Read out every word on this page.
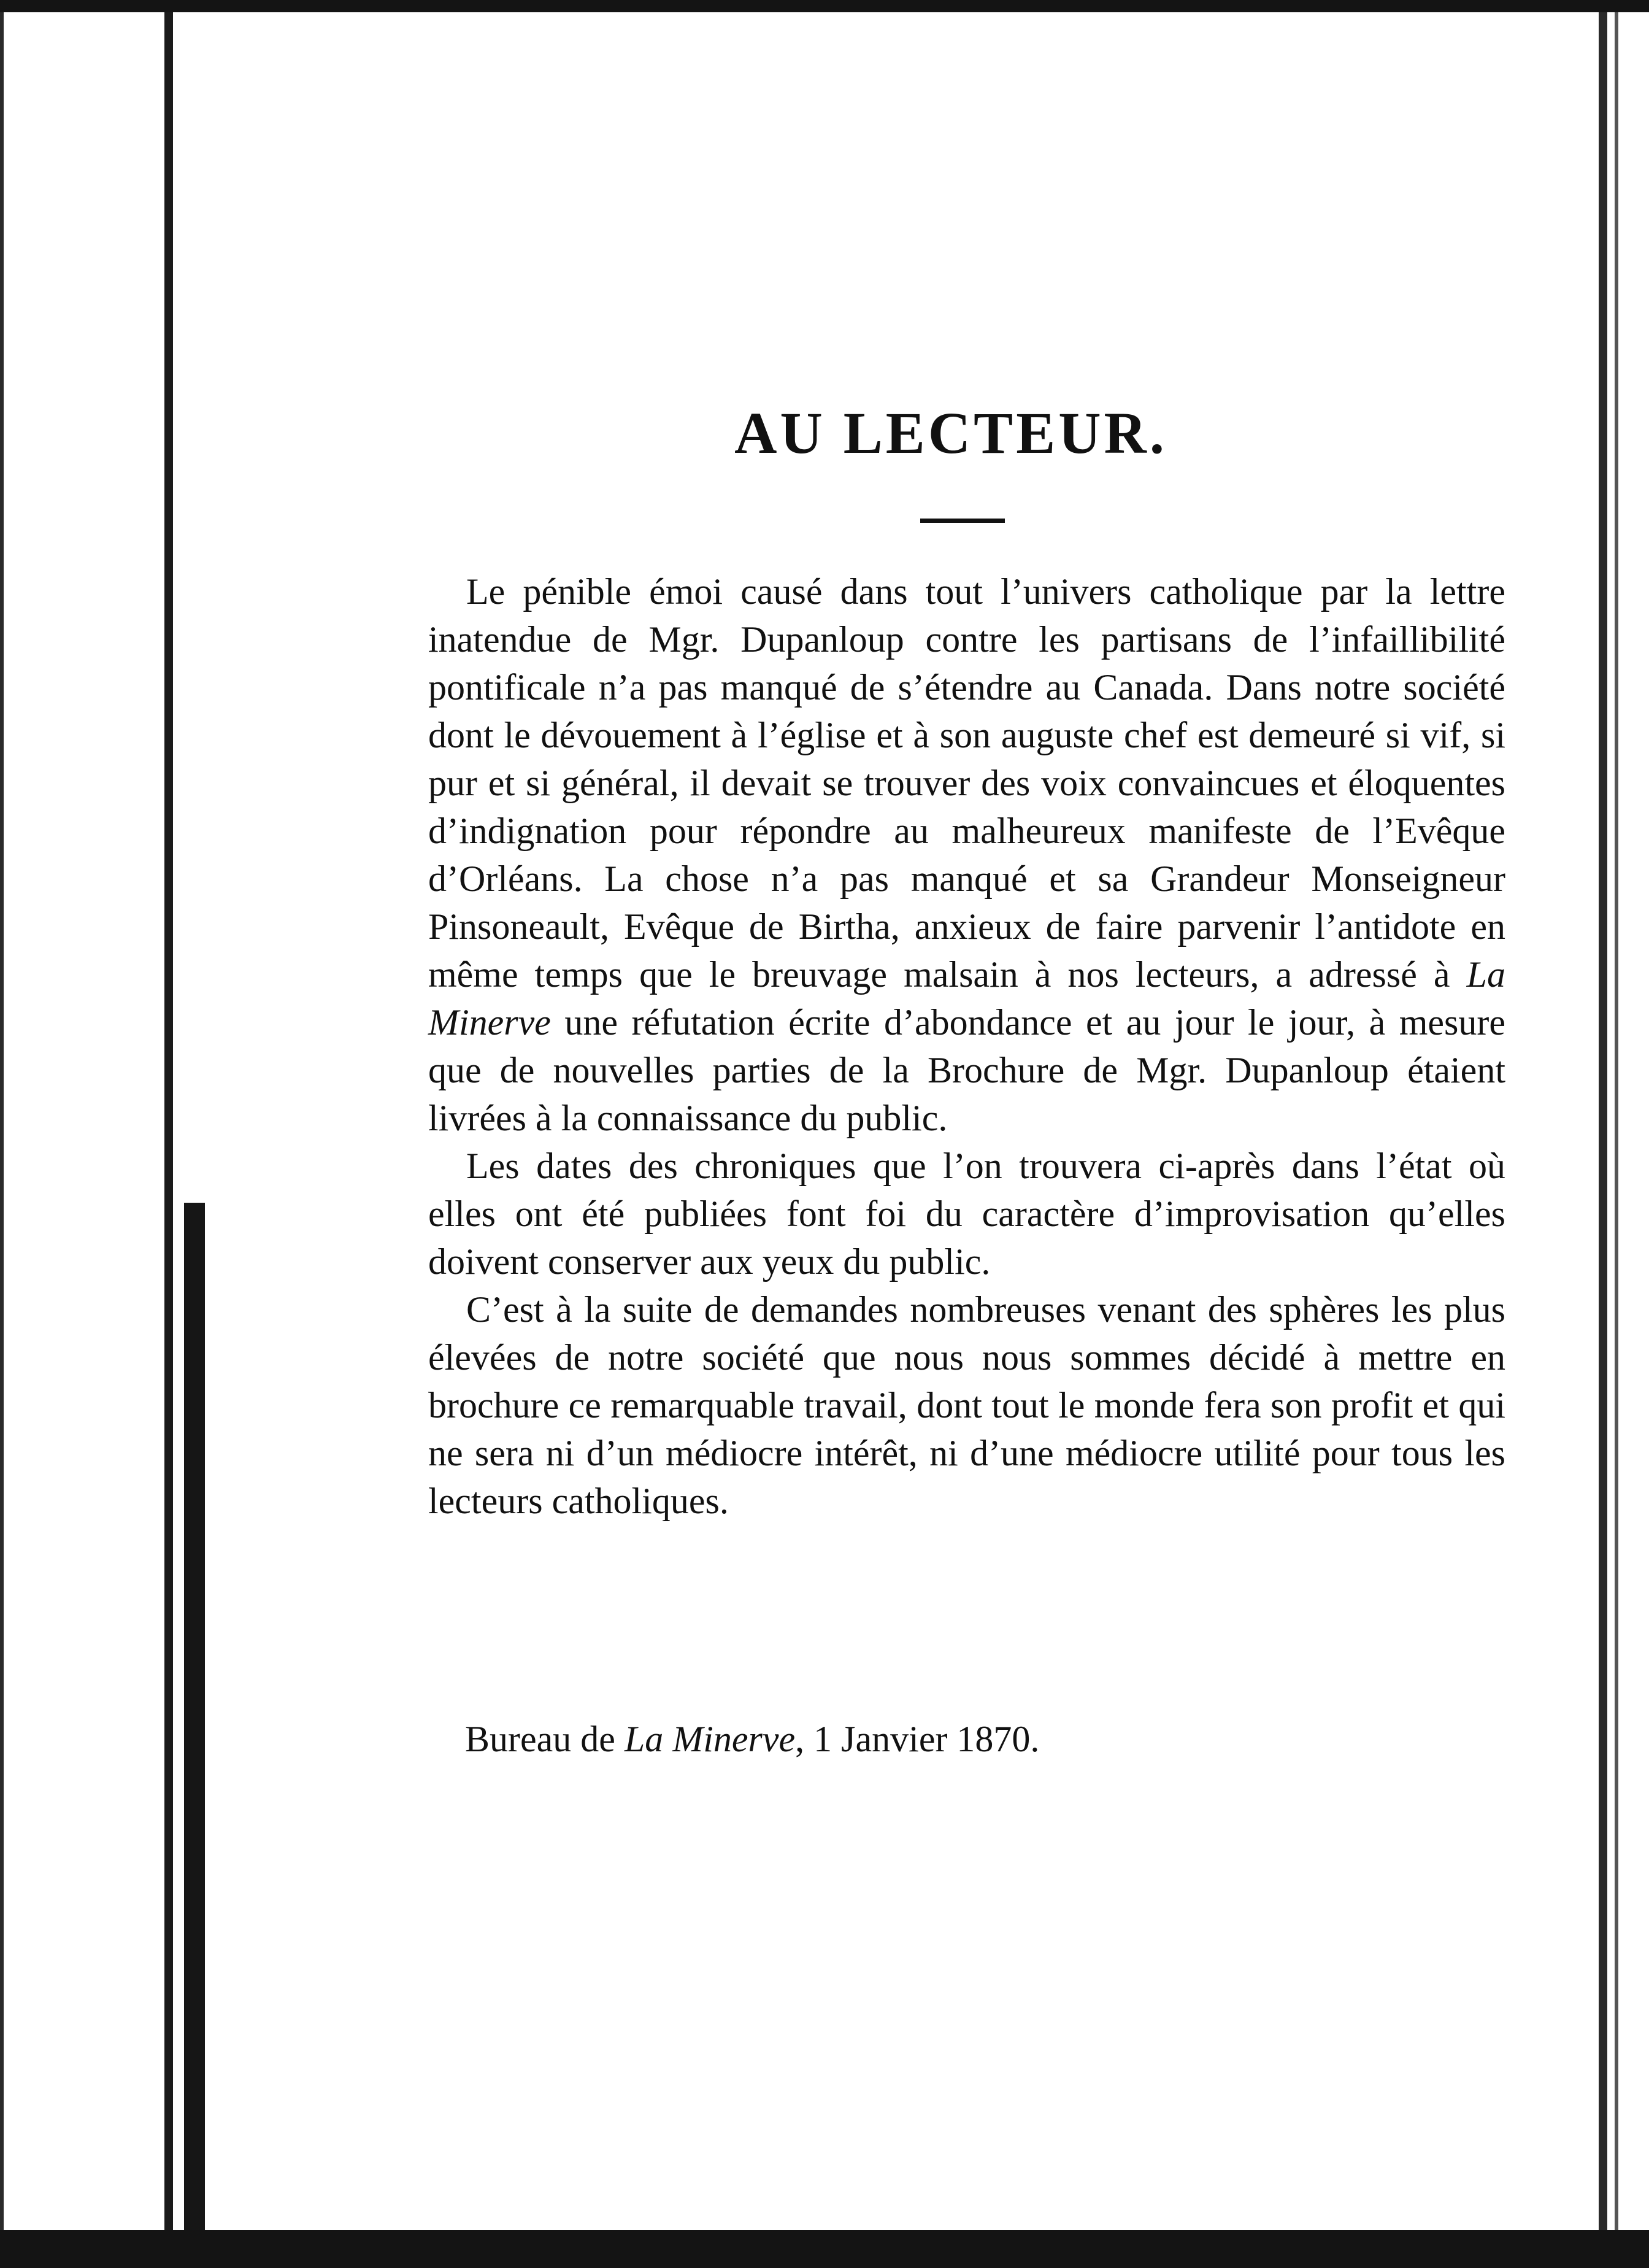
AU LECTEUR.

Le pénible émoi causé dans tout l’univers catholique par la lettre inatendue de Mgr. Dupanloup contre les partisans de l’infaillibilité pontificale n’a pas manqué de s’étendre au Canada. Dans notre société dont le dévouement à l’église et à son auguste chef est demeuré si vif, si pur et si général, il devait se trouver des voix convaincues et éloquentes d’indignation pour répondre au malheureux manifeste de l’Evêque d’Orléans. La chose n’a pas manqué et sa Grandeur Monseigneur Pinsoneault, Evêque de Birtha, anxieux de faire parvenir l’antidote en même temps que le breuvage malsain à nos lecteurs, a adressé à La Minerve une réfutation écrite d’abondance et au jour le jour, à mesure que de nouvelles parties de la Brochure de Mgr. Dupanloup étaient livrées à la connaissance du public.

Les dates des chroniques que l’on trouvera ci-après dans l’état où elles ont été publiées font foi du caractère d’improvisation qu’elles doivent conserver aux yeux du public.

C’est à la suite de demandes nombreuses venant des sphères les plus élevées de notre société que nous nous sommes décidé à mettre en brochure ce remarquable travail, dont tout le monde fera son profit et qui ne sera ni d’un médiocre intérêt, ni d’une médiocre utilité pour tous les lecteurs catholiques.

Bureau de La Minerve, 1 Janvier 1870.
